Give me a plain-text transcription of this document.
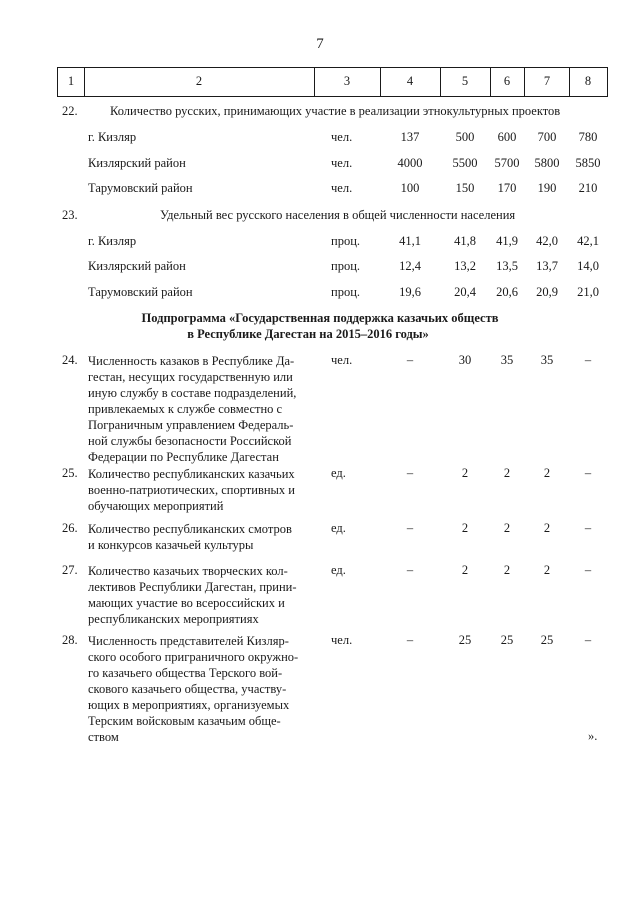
7
1	2	3	4	5	6	7	8
22.	Количество русских, принимающих участие в реализации этнокультурных проектов
г. Кизляр	чел.	137	500	600	700	780
Кизлярский район	чел.	4000	5500	5700	5800	5850
Тарумовский район	чел.	100	150	170	190	210
23.	Удельный вес русского населения в общей численности населения
г. Кизляр	проц.	41,1	41,8	41,9	42,0	42,1
Кизлярский район	проц.	12,4	13,2	13,5	13,7	14,0
Тарумовский район	проц.	19,6	20,4	20,6	20,9	21,0
Подпрограмма «Государственная поддержка казачьих обществ
в Республике Дагестан на 2015–2016 годы»
24. Численность казаков в Республике Да-
гестан, несущих государственную или
иную службу в составе подразделений,
привлекаемых к службе совместно с
Пограничным управлением Федераль-
ной службы безопасности Российской
Федерации по Республике Дагестан
чел.	–	30	35	35	–
25. Количество республиканских казачьих
военно-патриотических, спортивных и
обучающих мероприятий
ед.	–	2	2	2	–
26. Количество республиканских смотров
и конкурсов казачьей культуры
ед.	–	2	2	2	–
27. Количество казачьих творческих кол-
лективов Республики Дагестан, прини-
мающих участие во всероссийских и
республиканских мероприятиях
ед.	–	2	2	2	–
28. Численность представителей Кизляр-
ского особого приграничного окружно-
го казачьего общества Терского вой-
скового казачьего общества, участву-
ющих в мероприятиях, организуемых
Терским войсковым казачьим обще-
ством
чел.	–	25	25	25	–
».
